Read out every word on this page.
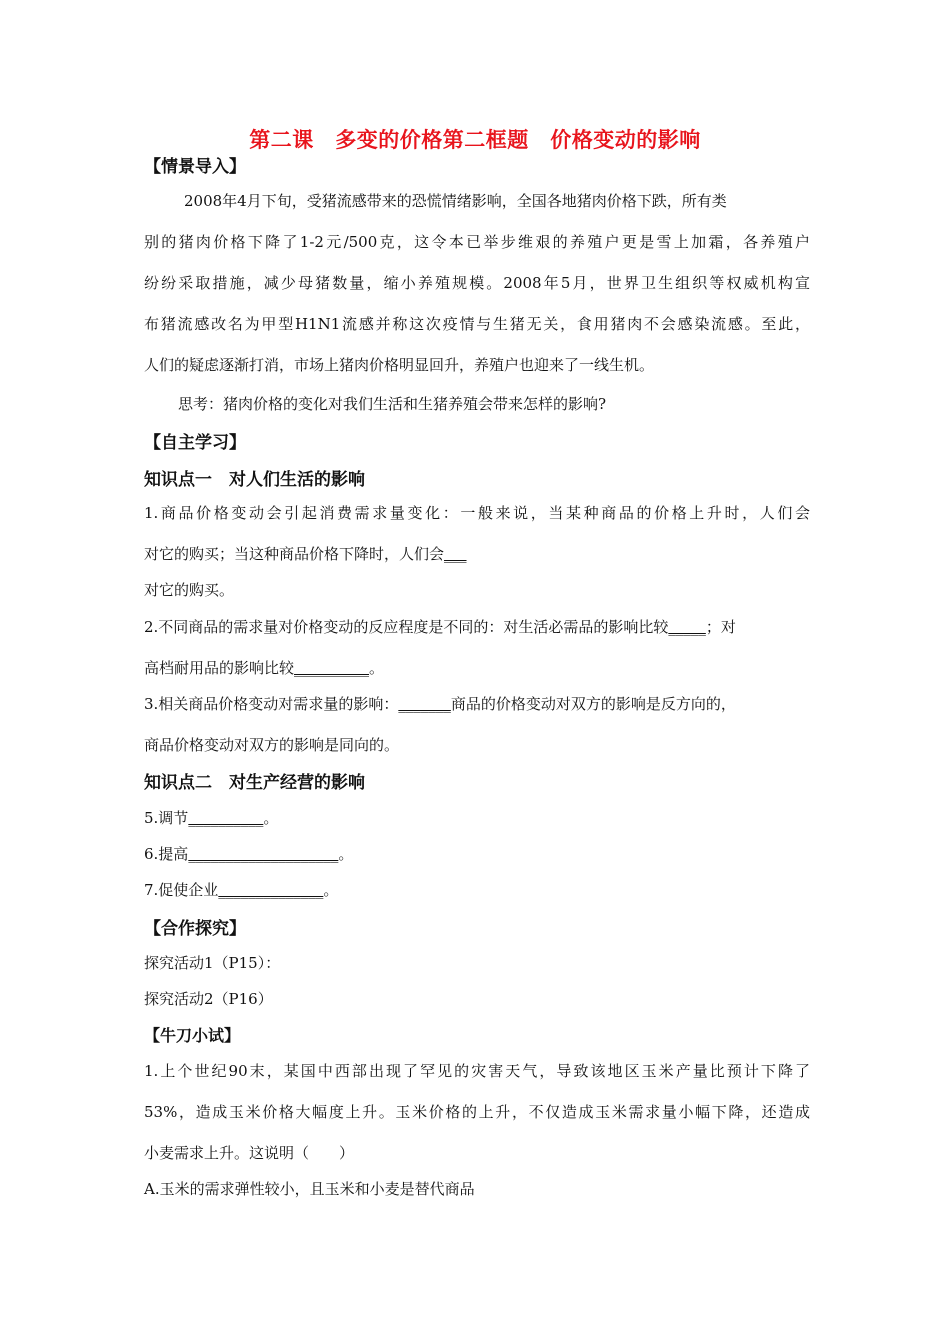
第二课　多变的价格第二框题　价格变动的影响
【情景导入】
2008年4月下旬，受猪流感带来的恐慌情绪影响，全国各地猪肉价格下跌，所有类
别的猪肉价格下降了1-2元/500克，这令本已举步维艰的养殖户更是雪上加霜，各养殖户
纷纷采取措施，减少母猪数量，缩小养殖规模。2008年5月，世界卫生组织等权威机构宣
布猪流感改名为甲型H1N1流感并称这次疫情与生猪无关，食用猪肉不会感染流感。至此，
人们的疑虑逐渐打消，市场上猪肉价格明显回升，养殖户也迎来了一线生机。
思考：猪肉价格的变化对我们生活和生猪养殖会带来怎样的影响?
【自主学习】
知识点一　对人们生活的影响
1.商品价格变动会引起消费需求量变化：一般来说，当某种商品的价格上升时，人们会
对它的购买；当这种商品价格下降时，人们会___
对它的购买。
2.不同商品的需求量对价格变动的反应程度是不同的：对生活必需品的影响比较_____；对
高档耐用品的影响比较__________。
3.相关商品价格变动对需求量的影响：_______商品的价格变动对双方的影响是反方向的，
商品价格变动对双方的影响是同向的。
知识点二　对生产经营的影响
5.调节__________。
6.提高____________________。
7.促使企业______________。
【合作探究】
探究活动1（P15）：
探究活动2（P16）
【牛刀小试】
1.上个世纪90末，某国中西部出现了罕见的灾害天气，导致该地区玉米产量比预计下降了
53%，造成玉米价格大幅度上升。玉米价格的上升，不仅造成玉米需求量小幅下降，还造成
小麦需求上升。这说明（　　）
A.玉米的需求弹性较小，且玉米和小麦是替代商品
